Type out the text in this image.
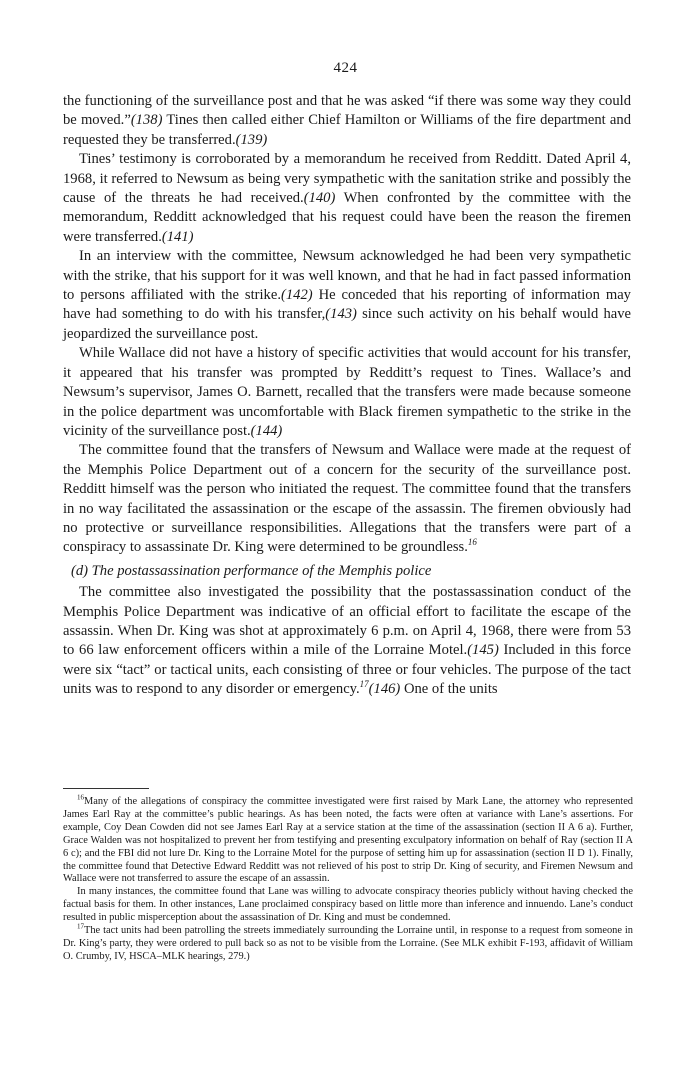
424

the functioning of the surveillance post and that he was asked “if there was some way they could be moved.”(138) Tines then called either Chief Hamilton or Williams of the fire department and requested they be transferred.(139)

Tines’ testimony is corroborated by a memorandum he received from Redditt. Dated April 4, 1968, it referred to Newsum as being very sympathetic with the sanitation strike and possibly the cause of the threats he had received.(140) When confronted by the committee with the memorandum, Redditt acknowledged that his request could have been the reason the firemen were transferred.(141)

In an interview with the committee, Newsum acknowledged he had been very sympathetic with the strike, that his support for it was well known, and that he had in fact passed information to persons affiliated with the strike.(142) He conceded that his reporting of information may have had something to do with his transfer,(143) since such activity on his behalf would have jeopardized the surveillance post.

While Wallace did not have a history of specific activities that would account for his transfer, it appeared that his transfer was prompted by Redditt’s request to Tines. Wallace’s and Newsum’s supervisor, James O. Barnett, recalled that the transfers were made because someone in the police department was uncomfortable with Black firemen sympathetic to the strike in the vicinity of the surveillance post.(144)

The committee found that the transfers of Newsum and Wallace were made at the request of the Memphis Police Department out of a concern for the security of the surveillance post. Redditt himself was the person who initiated the request. The committee found that the transfers in no way facilitated the assassination or the escape of the assassin. The firemen obviously had no protective or surveillance responsibilities. Allegations that the transfers were part of a conspiracy to assassinate Dr. King were determined to be groundless.$^{16}$

(d) The postassassination performance of the Memphis police

The committee also investigated the possibility that the postassassination conduct of the Memphis Police Department was indicative of an official effort to facilitate the escape of the assassin. When Dr. King was shot at approximately 6 p.m. on April 4, 1968, there were from 53 to 66 law enforcement officers within a mile of the Lorraine Motel.(145) Included in this force were six “tact” or tactical units, each consisting of three or four vehicles. The purpose of the tact units was to respond to any disorder or emergency.$^{17}$(146) One of the units

$^{16}$Many of the allegations of conspiracy the committee investigated were first raised by Mark Lane, the attorney who represented James Earl Ray at the committee’s public hearings. As has been noted, the facts were often at variance with Lane’s assertions. For example, Coy Dean Cowden did not see James Earl Ray at a service station at the time of the assassination (section II A 6 a). Further, Grace Walden was not hospitalized to prevent her from testifying and presenting exculpatory information on behalf of Ray (section II A 6 c); and the FBI did not lure Dr. King to the Lorraine Motel for the purpose of setting him up for assassination (section II D 1). Finally, the committee found that Detective Edward Redditt was not relieved of his post to strip Dr. King of security, and Firemen Newsum and Wallace were not transferred to assure the escape of an assassin.

In many instances, the committee found that Lane was willing to advocate conspiracy theories publicly without having checked the factual basis for them. In other instances, Lane proclaimed conspiracy based on little more than inference and innuendo. Lane’s conduct resulted in public misperception about the assassination of Dr. King and must be condemned.

$^{17}$The tact units had been patrolling the streets immediately surrounding the Lorraine until, in response to a request from someone in Dr. King’s party, they were ordered to pull back so as not to be visible from the Lorraine. (See MLK exhibit F-193, affidavit of William O. Crumby, IV, HSCA–MLK hearings, 279.)
